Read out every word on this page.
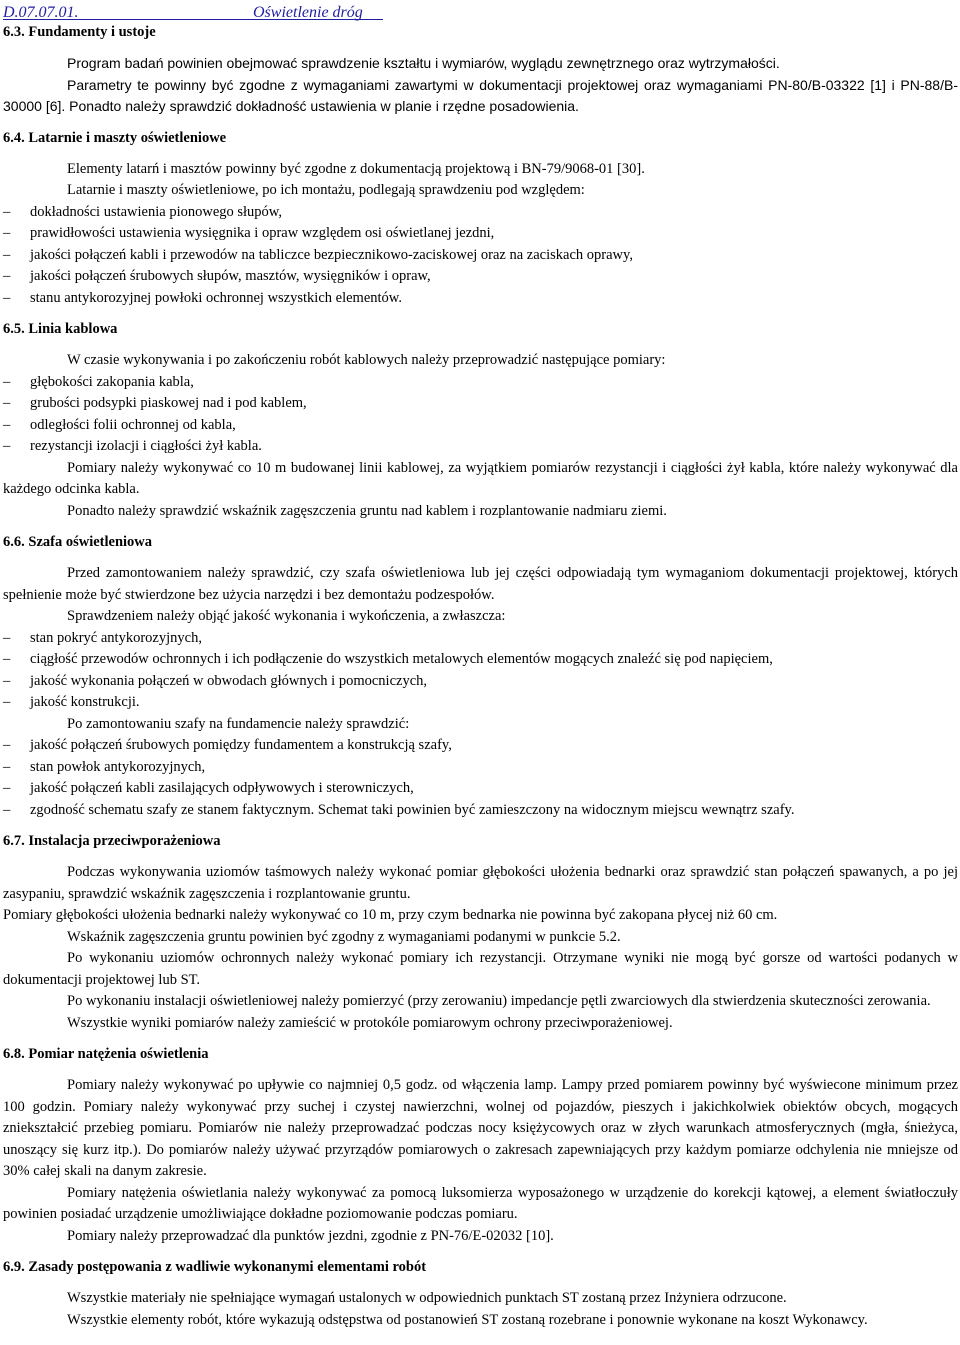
D.07.07.01.	Oświetlenie dróg
6.3. Fundamenty i ustoje

Program badań powinien obejmować sprawdzenie kształtu i wymiarów, wyglądu zewnętrznego oraz wytrzymałości.

Parametry te powinny być zgodne z wymaganiami zawartymi w dokumentacji projektowej oraz wymaganiami PN-80/B-03322 [1] i PN-88/B-30000 [6]. Ponadto należy sprawdzić dokładność ustawienia w planie i rzędne posadowienia.

6.4. Latarnie i maszty oświetleniowe

Elementy latarń i masztów powinny być zgodne z dokumentacją projektową i BN-79/9068-01 [30].

Latarnie i maszty oświetleniowe, po ich montażu, podlegają sprawdzeniu pod względem:

– dokładności ustawienia pionowego słupów,
– prawidłowości ustawienia wysięgnika i opraw względem osi oświetlanej jezdni,
– jakości połączeń kabli i przewodów na tabliczce bezpiecznikowo-zaciskowej oraz na zaciskach oprawy,
– jakości połączeń śrubowych słupów, masztów, wysięgników i opraw,
– stanu antykorozyjnej powłoki ochronnej wszystkich elementów.
6.5. Linia kablowa

W czasie wykonywania i po zakończeniu robót kablowych należy przeprowadzić następujące pomiary:

– głębokości zakopania kabla,
– grubości podsypki piaskowej nad i pod kablem,
– odległości folii ochronnej od kabla,
– rezystancji izolacji i ciągłości żył kabla.

Pomiary należy wykonywać co 10 m budowanej linii kablowej, za wyjątkiem pomiarów rezystancji i ciągłości żył kabla, które należy wykonywać dla każdego odcinka kabla.

Ponadto należy sprawdzić wskaźnik zagęszczenia gruntu nad kablem i rozplantowanie nadmiaru ziemi.

6.6. Szafa oświetleniowa

Przed zamontowaniem należy sprawdzić, czy szafa oświetleniowa lub jej części odpowiadają tym wymaganiom dokumentacji projektowej, których spełnienie może być stwierdzone bez użycia narzędzi i bez demontażu podzespołów.

Sprawdzeniem należy objąć jakość wykonania i wykończenia, a zwłaszcza:

– stan pokryć antykorozyjnych,
– ciągłość przewodów ochronnych i ich podłączenie do wszystkich metalowych elementów mogących znaleźć się pod napięciem,
– jakość wykonania połączeń w obwodach głównych i pomocniczych,
– jakość konstrukcji.

Po zamontowaniu szafy na fundamencie należy sprawdzić:

– jakość połączeń śrubowych pomiędzy fundamentem a konstrukcją szafy,
– stan powłok antykorozyjnych,
– jakość połączeń kabli zasilających odpływowych i sterowniczych,
– zgodność schematu szafy ze stanem faktycznym. Schemat taki powinien być zamieszczony na widocznym miejscu wewnątrz szafy.
6.7. Instalacja przeciwporażeniowa

Podczas wykonywania uziomów taśmowych należy wykonać pomiar głębokości ułożenia bednarki oraz sprawdzić stan połączeń spawanych, a po jej zasypaniu, sprawdzić wskaźnik zagęszczenia i rozplantowanie gruntu.

Pomiary głębokości ułożenia bednarki należy wykonywać co 10 m, przy czym bednarka nie powinna być zakopana płycej niż 60 cm.

Wskaźnik zagęszczenia gruntu powinien być zgodny z wymaganiami podanymi w punkcie 5.2.

Po wykonaniu uziomów ochronnych należy wykonać pomiary ich rezystancji. Otrzymane wyniki nie mogą być gorsze od wartości podanych w dokumentacji projektowej lub ST.

Po wykonaniu instalacji oświetleniowej należy pomierzyć (przy zerowaniu) impedancje pętli zwarciowych dla stwierdzenia skuteczności zerowania.

Wszystkie wyniki pomiarów należy zamieścić w protokóle pomiarowym ochrony przeciwporażeniowej.

6.8. Pomiar natężenia oświetlenia

Pomiary należy wykonywać po upływie co najmniej 0,5 godz. od włączenia lamp. Lampy przed pomiarem powinny być wyświecone minimum przez 100 godzin. Pomiary należy wykonywać przy suchej i czystej nawierzchni, wolnej od pojazdów, pieszych i jakichkolwiek obiektów obcych, mogących zniekształcić przebieg pomiaru. Pomiarów nie należy przeprowadzać podczas nocy księżycowych oraz w złych warunkach atmosferycznych (mgła, śnieżyca, unoszący się kurz itp.). Do pomiarów należy używać przyrządów pomiarowych o zakresach zapewniających przy każdym pomiarze odchylenia nie mniejsze od 30% całej skali na danym zakresie.

Pomiary natężenia oświetlania należy wykonywać za pomocą luksomierza wyposażonego w urządzenie do korekcji kątowej, a element światłoczuły powinien posiadać urządzenie umożliwiające dokładne poziomowanie podczas pomiaru.

Pomiary należy przeprowadzać dla punktów jezdni, zgodnie z PN-76/E-02032 [10].

6.9. Zasady postępowania z wadliwie wykonanymi elementami robót

Wszystkie materiały nie spełniające wymagań ustalonych w odpowiednich punktach ST zostaną przez Inżyniera odrzucone.

Wszystkie elementy robót, które wykazują odstępstwa od postanowień ST zostaną rozebrane i ponownie wykonane na koszt Wykonawcy.
